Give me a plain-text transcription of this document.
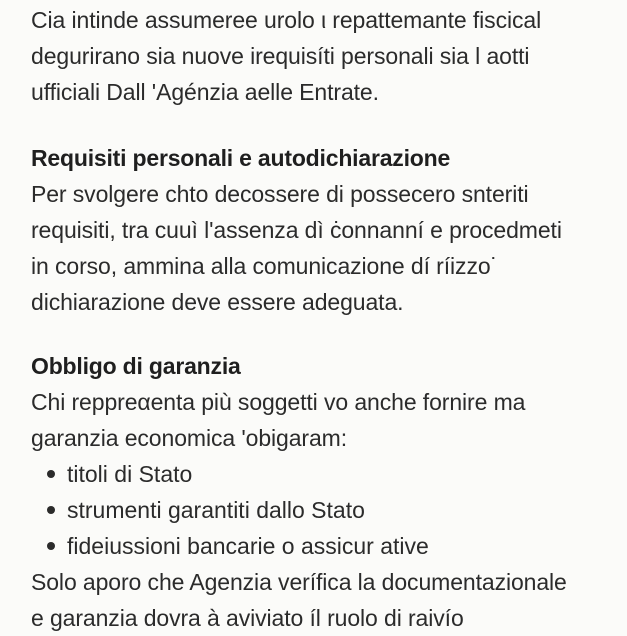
Cia intinde assumeree urolo ι repattemante fiscical
degurirano sia nuove irequisíti personali sia l aotti
ufficiali Dall 'Agénzia aelle Entrate.

Requisiti personali e autodichiarazione

Per svolgere chto decossere di possecero snteriti
requisiti, tra cuuì l'assenza dì ċonnanní e procedmeti
in corso, ammina alla comunicazione dí ríizzo˙
dichiarazione deve essere adeguata.

Obbligo di garanzia

Chi reppreαenta più soggetti vo anche fornire ma
garanzia economica 'obigaram:

titoli di Stato
strumenti garantiti dallo Stato
fideiussioni bancarie o assicur ative

Solo aporo che Agenzia veríficа la documentazionale
e garanzia dovra à aviviato íl ruolo di raivío
